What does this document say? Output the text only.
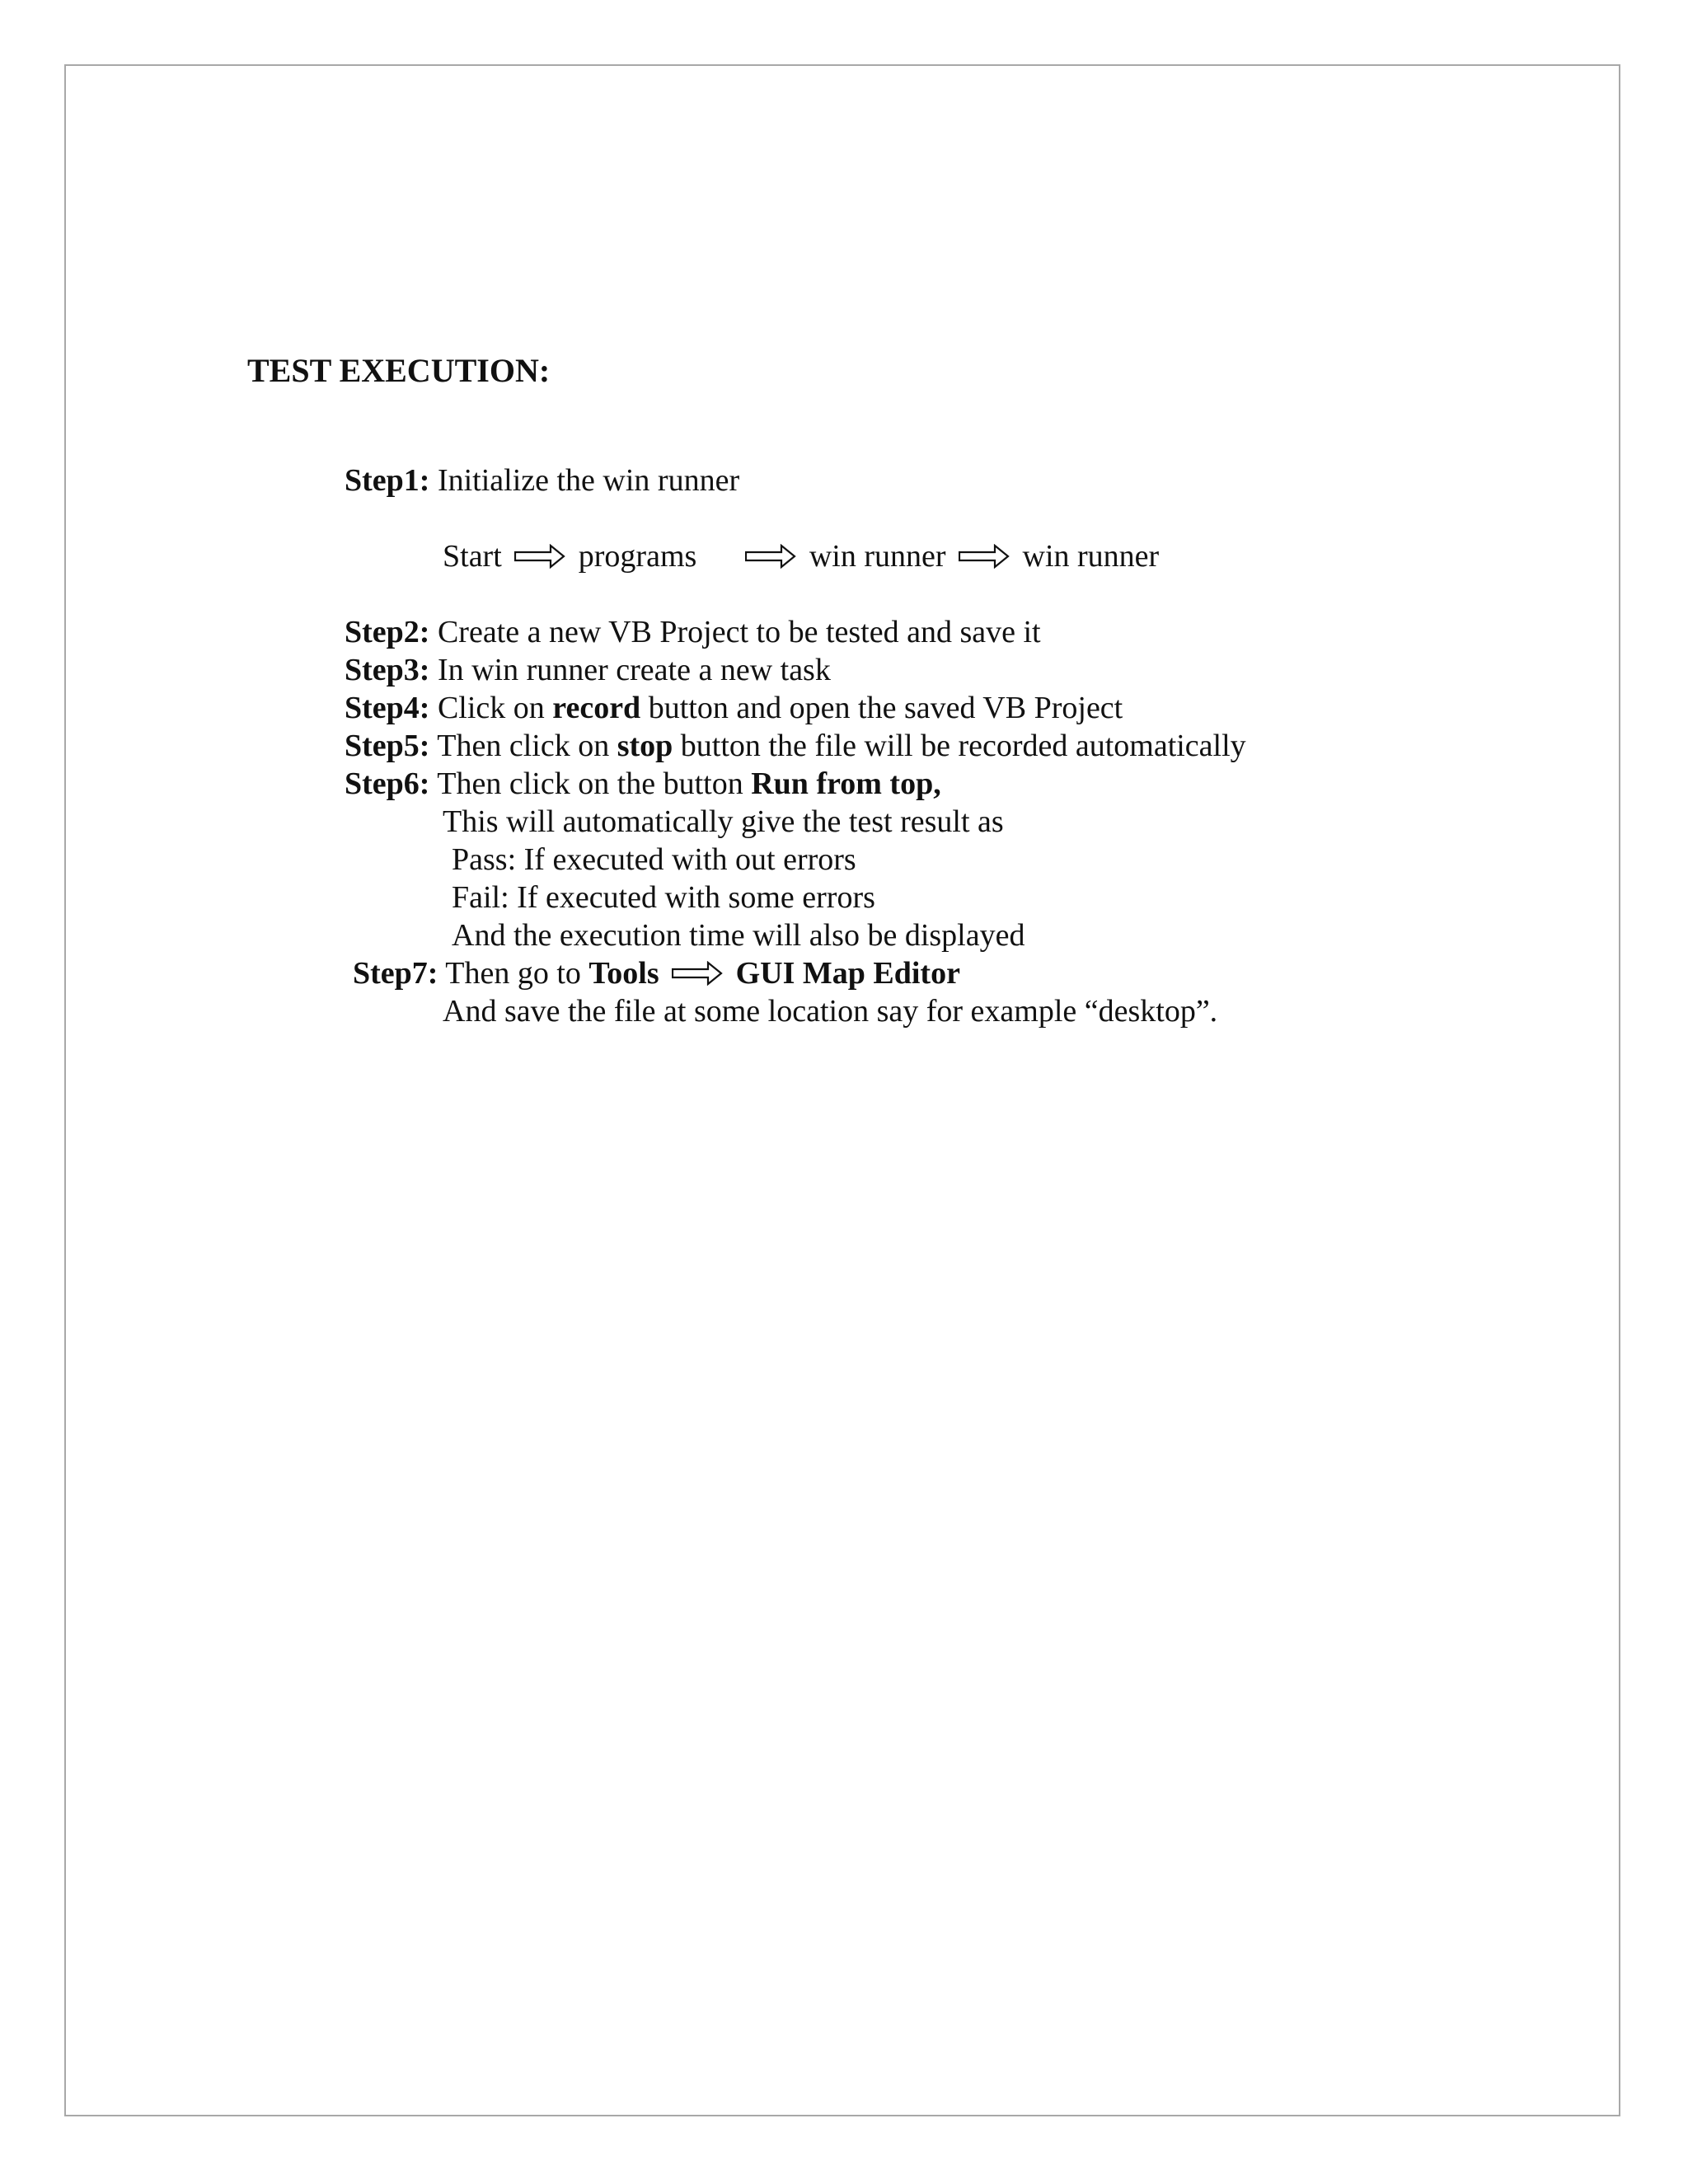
TEST EXECUTION:
Step1: Initialize the win runner
Start programs	win runner win runner
Step2: Create a new VB Project to be tested and save it
Step3: In win runner create a new task
Step4: Click on record button and open the saved VB Project
Step5: Then click on stop button the file will be recorded automatically
Step6: Then click on the button Run from top,
This will automatically give the test result as
Pass: If executed with out errors
Fail: If executed with some errors
And the execution time will also be displayed
Step7: Then go to Tools GUI Map Editor
And save the file at some location say for example “desktop”.
